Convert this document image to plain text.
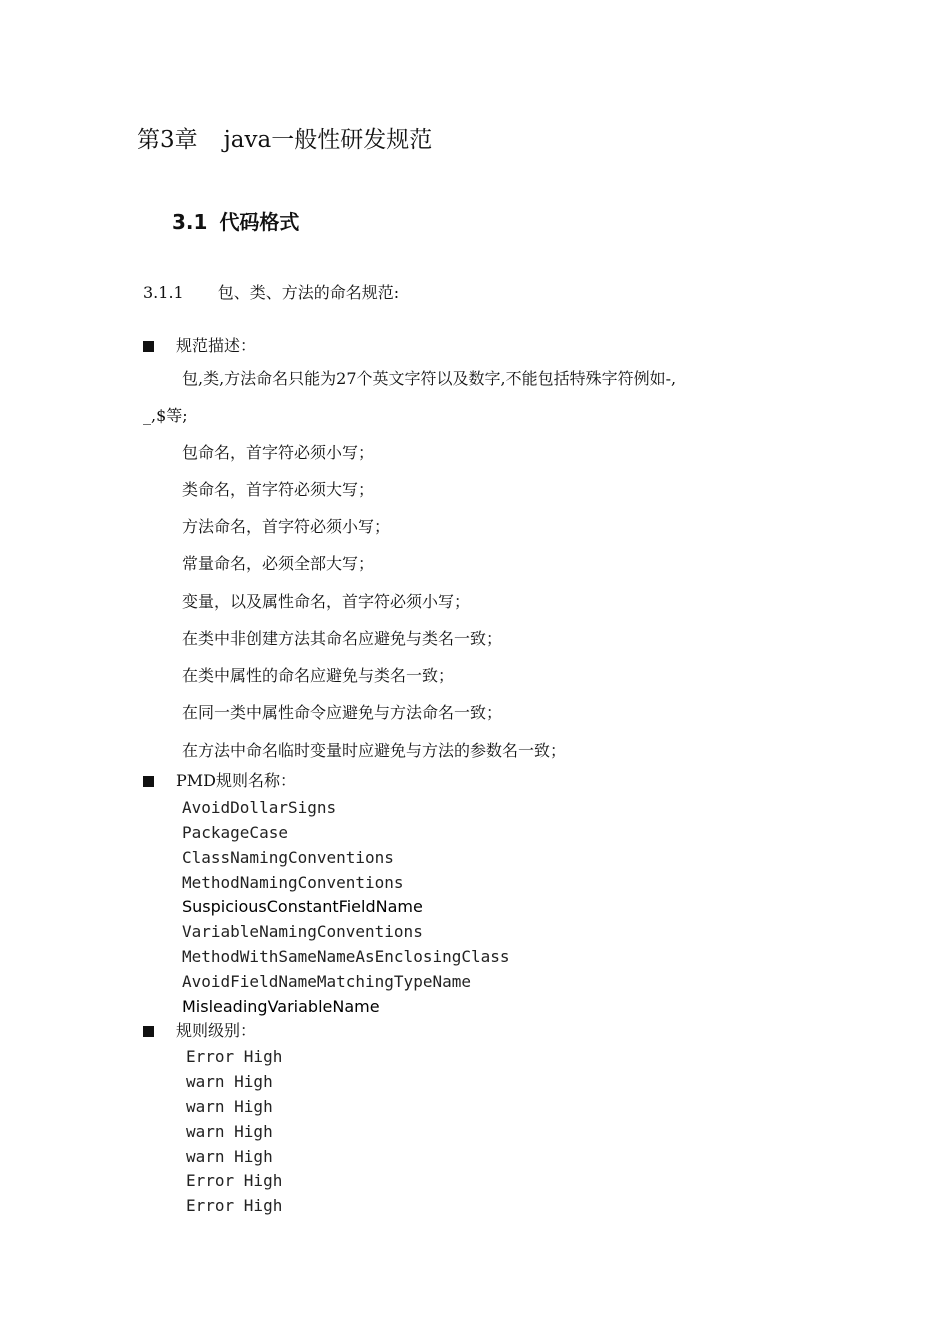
第3章 java一般性研发规范
3.1 代码格式
3.1.1 包、类、方法的命名规范:
规范描述：
包,类,方法命名只能为27个英文字符以及数字,不能包括特殊字符例如-,
_,$等;
包命名，首字符必须小写；
类命名，首字符必须大写；
方法命名，首字符必须小写；
常量命名，必须全部大写；
变量，以及属性命名，首字符必须小写；
在类中非创建方法其命名应避免与类名一致；
在类中属性的命名应避免与类名一致；
在同一类中属性命令应避免与方法命名一致；
在方法中命名临时变量时应避免与方法的参数名一致；
PMD规则名称：
AvoidDollarSigns
PackageCase
ClassNamingConventions
MethodNamingConventions
SuspiciousConstantFieldName
VariableNamingConventions
MethodWithSameNameAsEnclosingClass
AvoidFieldNameMatchingTypeName
MisleadingVariableName
规则级别：
Error High
warn High
warn High
warn High
warn High
Error High
Error High
